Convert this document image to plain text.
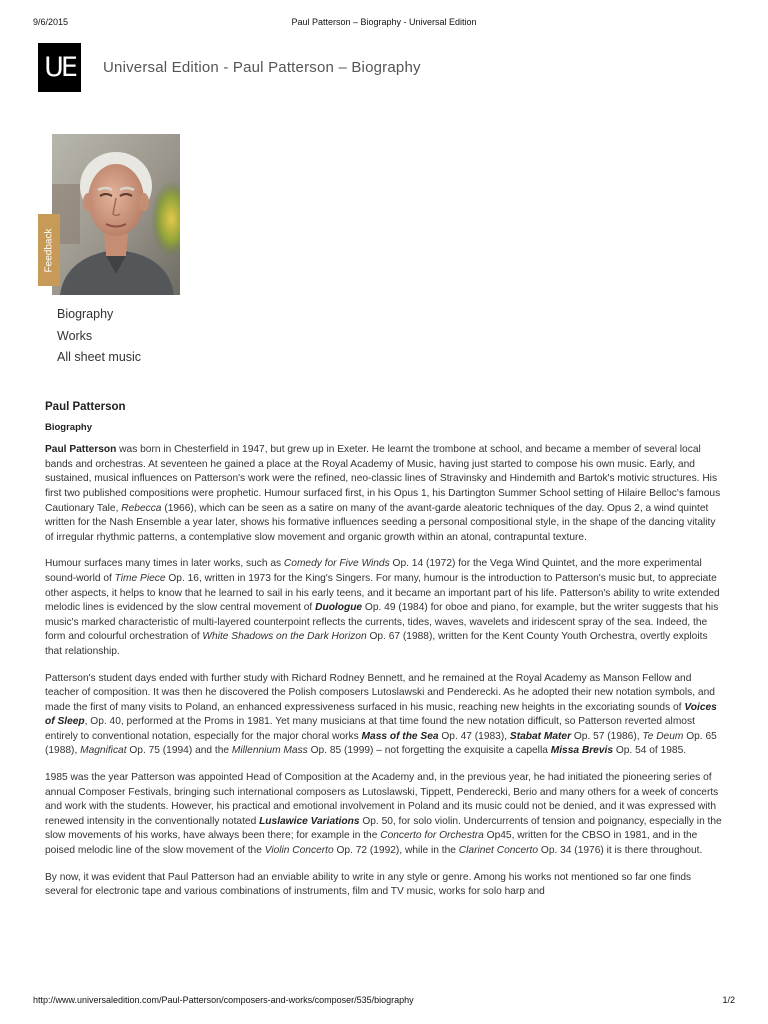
9/6/2015	Paul Patterson – Biography - Universal Edition
UE Universal Edition - Paul Patterson – Biography
Feedback
Biography
Works
All sheet music
Paul Patterson
Biography

Paul Patterson was born in Chesterfield in 1947, but grew up in Exeter. He learnt the trombone at school, and became a member of several local bands and orchestras. At seventeen he gained a place at the Royal Academy of Music, having just started to compose his own music. Early, and sustained, musical influences on Patterson's work were the refined, neo-classic lines of Stravinsky and Hindemith and Bartok's motivic structures. His first two published compositions were prophetic. Humour surfaced first, in his Opus 1, his Dartington Summer School setting of Hilaire Belloc's famous Cautionary Tale, Rebecca (1966), which can be seen as a satire on many of the avant-garde aleatoric techniques of the day. Opus 2, a wind quintet written for the Nash Ensemble a year later, shows his formative influences seeding a personal compositional style, in the shape of the dancing vitality of irregular rhythmic patterns, a contemplative slow movement and organic growth within an atonal, contrapuntal texture.

Humour surfaces many times in later works, such as Comedy for Five Winds Op. 14 (1972) for the Vega Wind Quintet, and the more experimental sound-world of Time Piece Op. 16, written in 1973 for the King's Singers. For many, humour is the introduction to Patterson's music but, to appreciate other aspects, it helps to know that he learned to sail in his early teens, and it became an important part of his life. Patterson's ability to write extended melodic lines is evidenced by the slow central movement of Duologue Op. 49 (1984) for oboe and piano, for example, but the writer suggests that his music's marked characteristic of multi-layered counterpoint reflects the currents, tides, waves, wavelets and iridescent spray of the sea. Indeed, the form and colourful orchestration of White Shadows on the Dark Horizon Op. 67 (1988), written for the Kent County Youth Orchestra, overtly exploits that relationship.

Patterson's student days ended with further study with Richard Rodney Bennett, and he remained at the Royal Academy as Manson Fellow and teacher of composition. It was then he discovered the Polish composers Lutoslawski and Penderecki. As he adopted their new notation symbols, and made the first of many visits to Poland, an enhanced expressiveness surfaced in his music, reaching new heights in the excoriating sounds of Voices of Sleep, Op. 40, performed at the Proms in 1981. Yet many musicians at that time found the new notation difficult, so Patterson reverted almost entirely to conventional notation, especially for the major choral works Mass of the Sea Op. 47 (1983), Stabat Mater Op. 57 (1986), Te Deum Op. 65 (1988), Magnificat Op. 75 (1994) and the Millennium Mass Op. 85 (1999) – not forgetting the exquisite a capella Missa Brevis Op. 54 of 1985.

1985 was the year Patterson was appointed Head of Composition at the Academy and, in the previous year, he had initiated the pioneering series of annual Composer Festivals, bringing such international composers as Lutoslawski, Tippett, Penderecki, Berio and many others for a week of concerts and work with the students. However, his practical and emotional involvement in Poland and its music could not be denied, and it was expressed with renewed intensity in the conventionally notated Luslawice Variations Op. 50, for solo violin. Undercurrents of tension and poignancy, especially in the slow movements of his works, have always been there; for example in the Concerto for Orchestra Op45, written for the CBSO in 1981, and in the poised melodic line of the slow movement of the Violin Concerto Op. 72 (1992), while in the Clarinet Concerto Op. 34 (1976) it is there throughout.

By now, it was evident that Paul Patterson had an enviable ability to write in any style or genre. Among his works not mentioned so far one finds several for electronic tape and various combinations of instruments, film and TV music, works for solo harp and

http://www.universaledition.com/Paul-Patterson/composers-and-works/composer/535/biography	1/2
